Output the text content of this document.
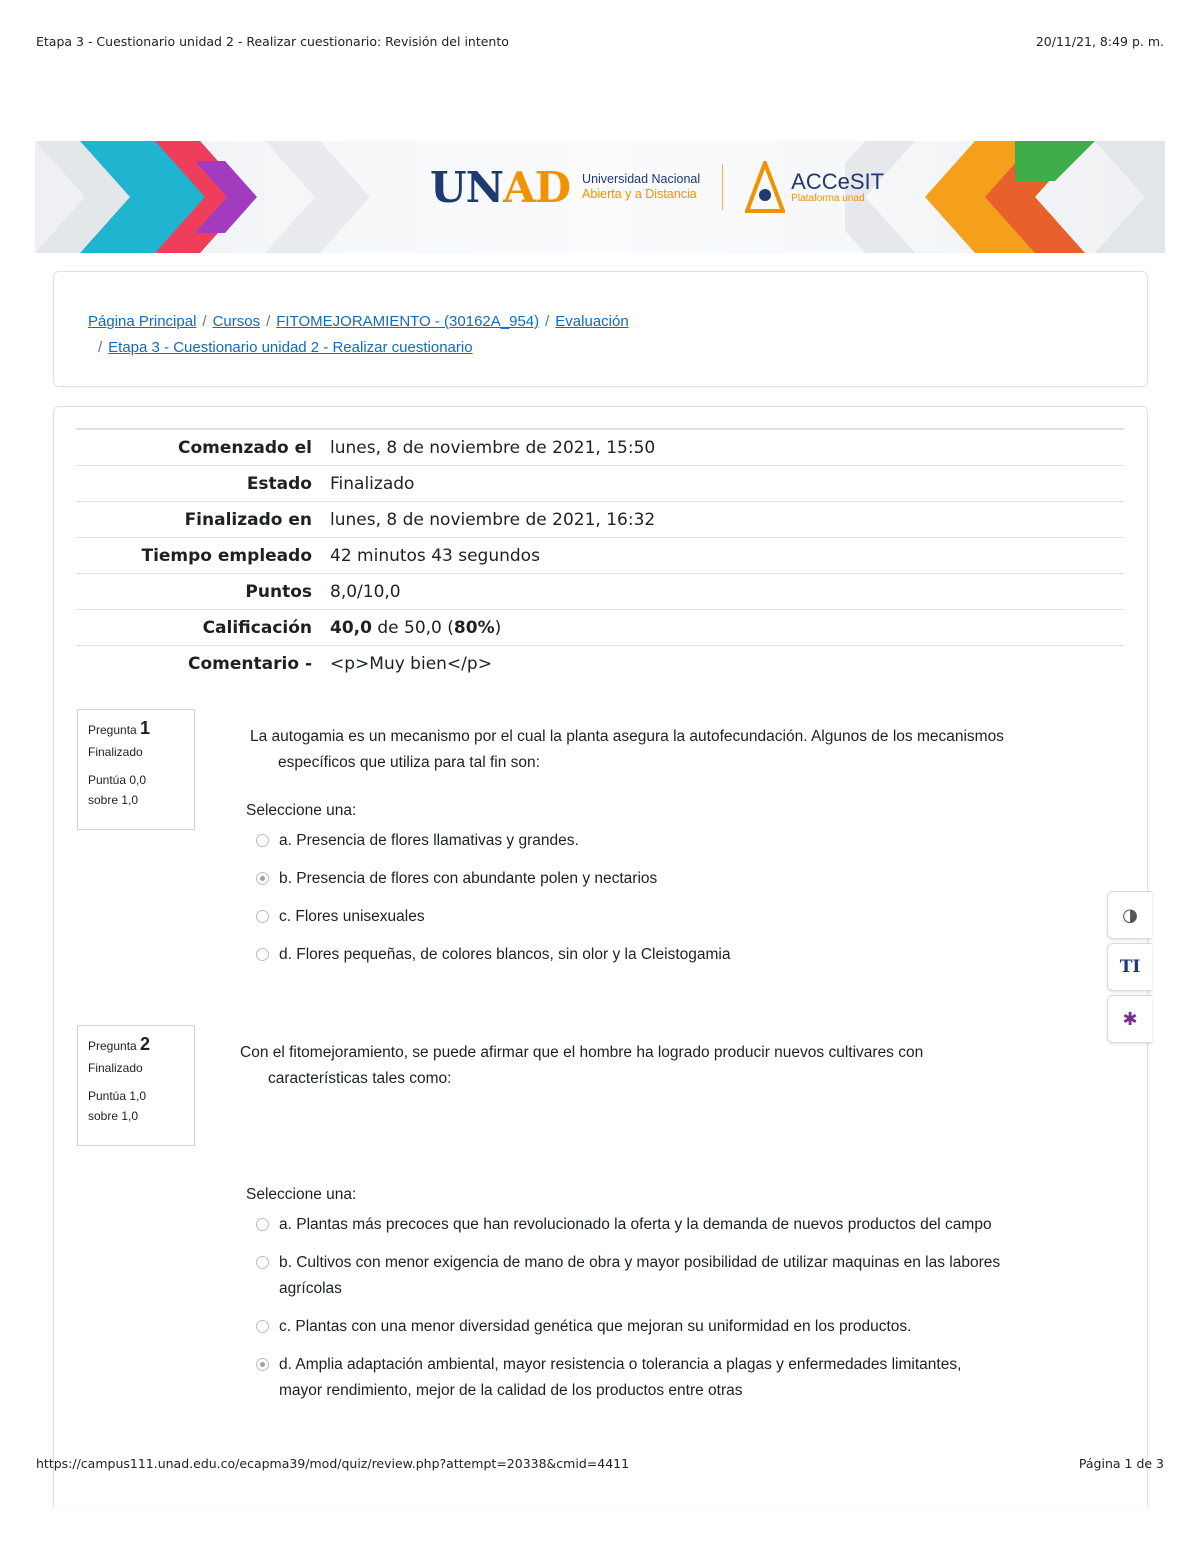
Etapa 3 - Cuestionario unidad 2 - Realizar cuestionario: Revisión del intento	20/11/21, 8:49 p. m.
UNAD Universidad Nacional
Abierta y a Distancia
ACCeSIT
Plataforma unad
Página Principal / Cursos / FITOMEJORAMIENTO - (30162A_954) / Evaluación
/ Etapa 3 - Cuestionario unidad 2 - Realizar cuestionario
Comenzado el	lunes, 8 de noviembre de 2021, 15:50
Estado	Finalizado
Finalizado en	lunes, 8 de noviembre de 2021, 16:32
Tiempo empleado	42 minutos 43 segundos
Puntos	8,0/10,0
Calificación	40,0 de 50,0 (80%)
Comentario -	<p>Muy bien</p>
Pregunta 1
Finalizado
Puntúa 0,0
sobre 1,0
La autogamia es un mecanismo por el cual la planta asegura la autofecundación. Algunos de los mecanismos
específicos que utiliza para tal fin son:
Seleccione una:
a. Presencia de flores llamativas y grandes.
b. Presencia de flores con abundante polen y nectarios
c. Flores unisexuales
d. Flores pequeñas, de colores blancos, sin olor y la Cleistogamia
Pregunta 2
Finalizado
Puntúa 1,0
sobre 1,0
Con el fitomejoramiento, se puede afirmar que el hombre ha logrado producir nuevos cultivares con
características tales como:
Seleccione una:
a. Plantas más precoces que han revolucionado la oferta y la demanda de nuevos productos del campo
b. Cultivos con menor exigencia de mano de obra y mayor posibilidad de utilizar maquinas en las labores
agrícolas
c. Plantas con una menor diversidad genética que mejoran su uniformidad en los productos.
d. Amplia adaptación ambiental, mayor resistencia o tolerancia a plagas y enfermedades limitantes,
mayor rendimiento, mejor de la calidad de los productos entre otras
◑
TI
✱
https://campus111.unad.edu.co/ecapma39/mod/quiz/review.php?attempt=20338&cmid=4411	Página 1 de 3
